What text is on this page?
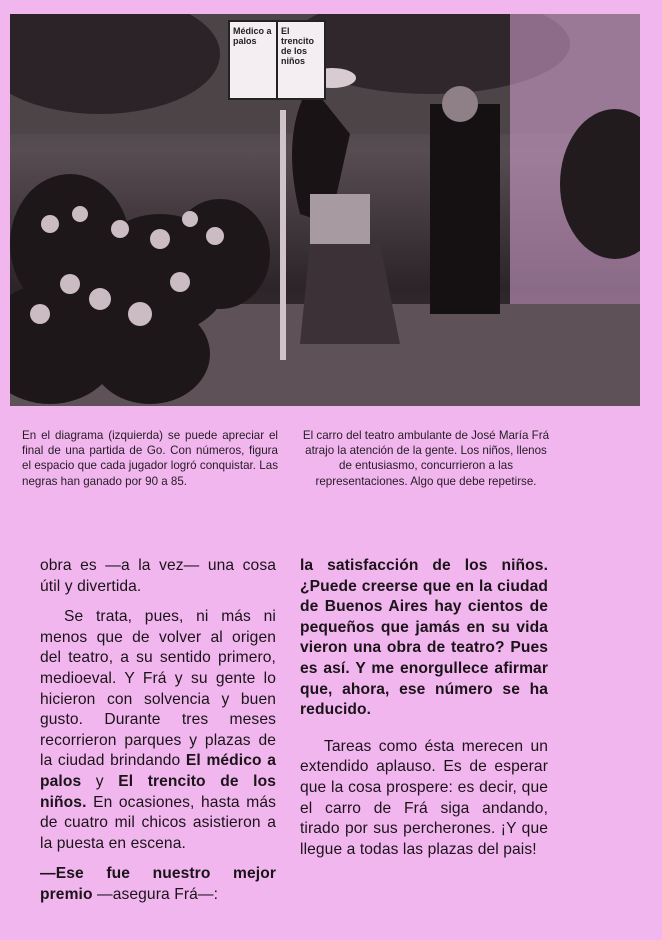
Médico a palos
El trencito de los niños
En el diagrama (izquierda) se puede apreciar el final de una partida de Go. Con números, figura el espacio que cada jugador logró conquistar. Las negras han ganado por 90 a 85.
El carro del teatro ambulante de José María Frá atrajo la atención de la gente. Los niños, llenos de entusiasmo, concurrieron a las representaciones. Algo que debe repetirse.

obra es —a la vez— una cosa útil y divertida.

Se trata, pues, ni más ni menos que de volver al origen del teatro, a su sentido primero, medioeval. Y Frá y su gente lo hicieron con solvencia y buen gusto. Durante tres meses recorrieron parques y plazas de la ciudad brindando El médico a palos y El trencito de los niños. En ocasiones, hasta más de cuatro mil chicos asistieron a la puesta en escena.

—Ese fue nuestro mejor premio —asegura Frá—:

la satisfacción de los niños. ¿Puede creerse que en la ciudad de Buenos Aires hay cientos de pequeños que jamás en su vida vieron una obra de teatro? Pues es así. Y me enorgullece afirmar que, ahora, ese número se ha reducido.

Tareas como ésta merecen un extendido aplauso. Es de esperar que la cosa prospere: es decir, que el carro de Frá siga andando, tirado por sus percherones. ¡Y que llegue a todas las plazas del pais!
